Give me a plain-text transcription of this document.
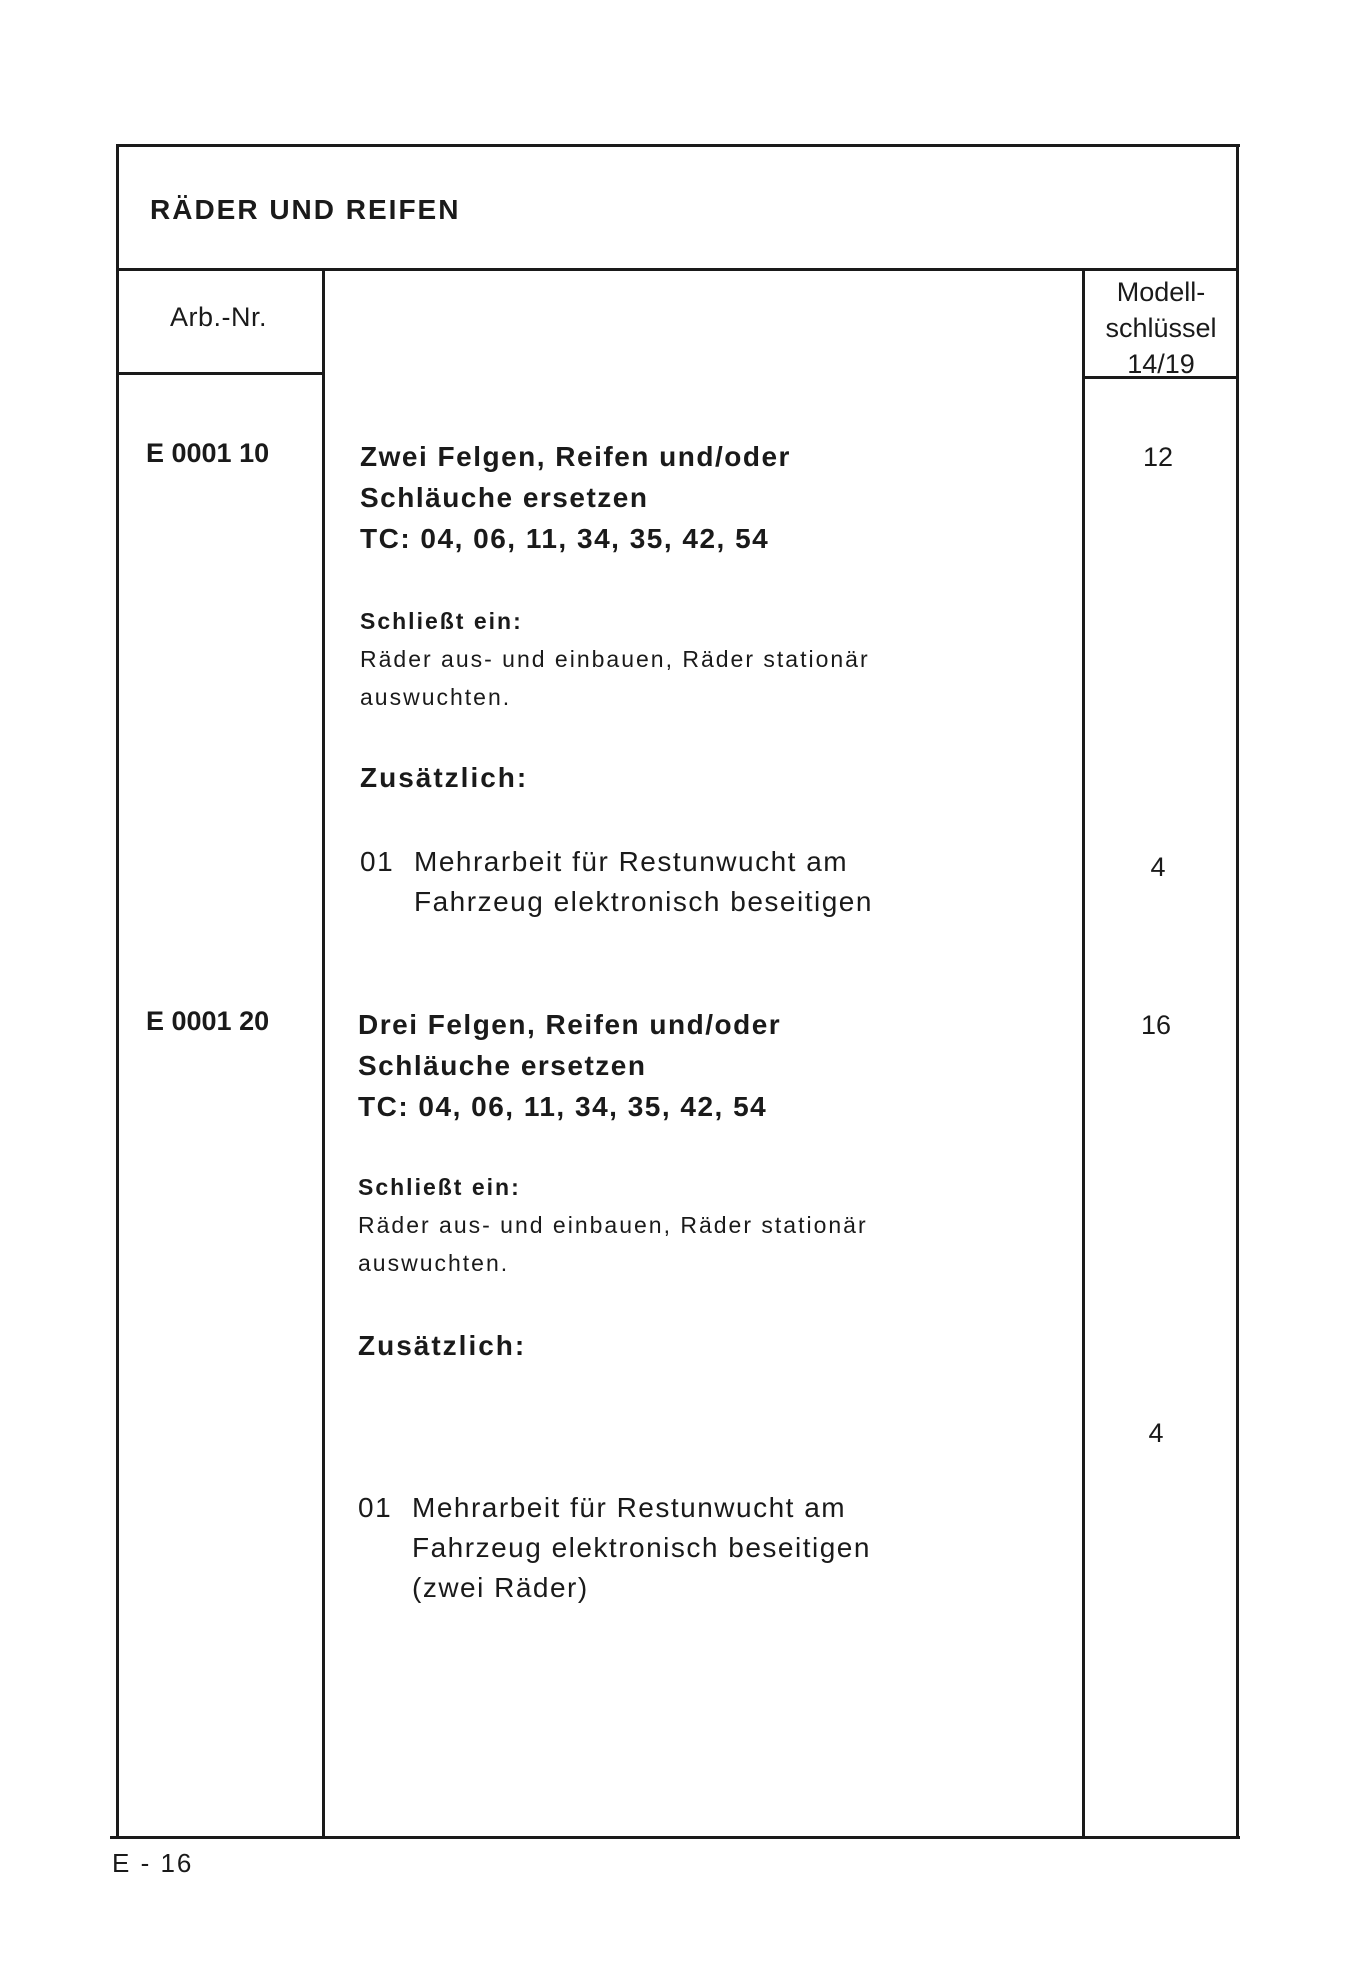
RÄDER UND REIFEN
Arb.-Nr.
Modell-
schlüssel
14/19
E 0001 10	12
Zwei Felgen, Reifen und/oder
Schläuche ersetzen
TC: 04, 06, 11, 34, 35, 42, 54
Schließt ein:
Räder aus- und einbauen, Räder stationär
auswuchten.
Zusätzlich:
01 Mehrarbeit für Restunwucht am
Fahrzeug elektronisch beseitigen
4
E 0001 20	16
Drei Felgen, Reifen und/oder
Schläuche ersetzen
TC: 04, 06, 11, 34, 35, 42, 54
Schließt ein:
Räder aus- und einbauen, Räder stationär
auswuchten.
Zusätzlich:
01 Mehrarbeit für Restunwucht am
Fahrzeug elektronisch beseitigen
(zwei Räder)
4
E - 16
